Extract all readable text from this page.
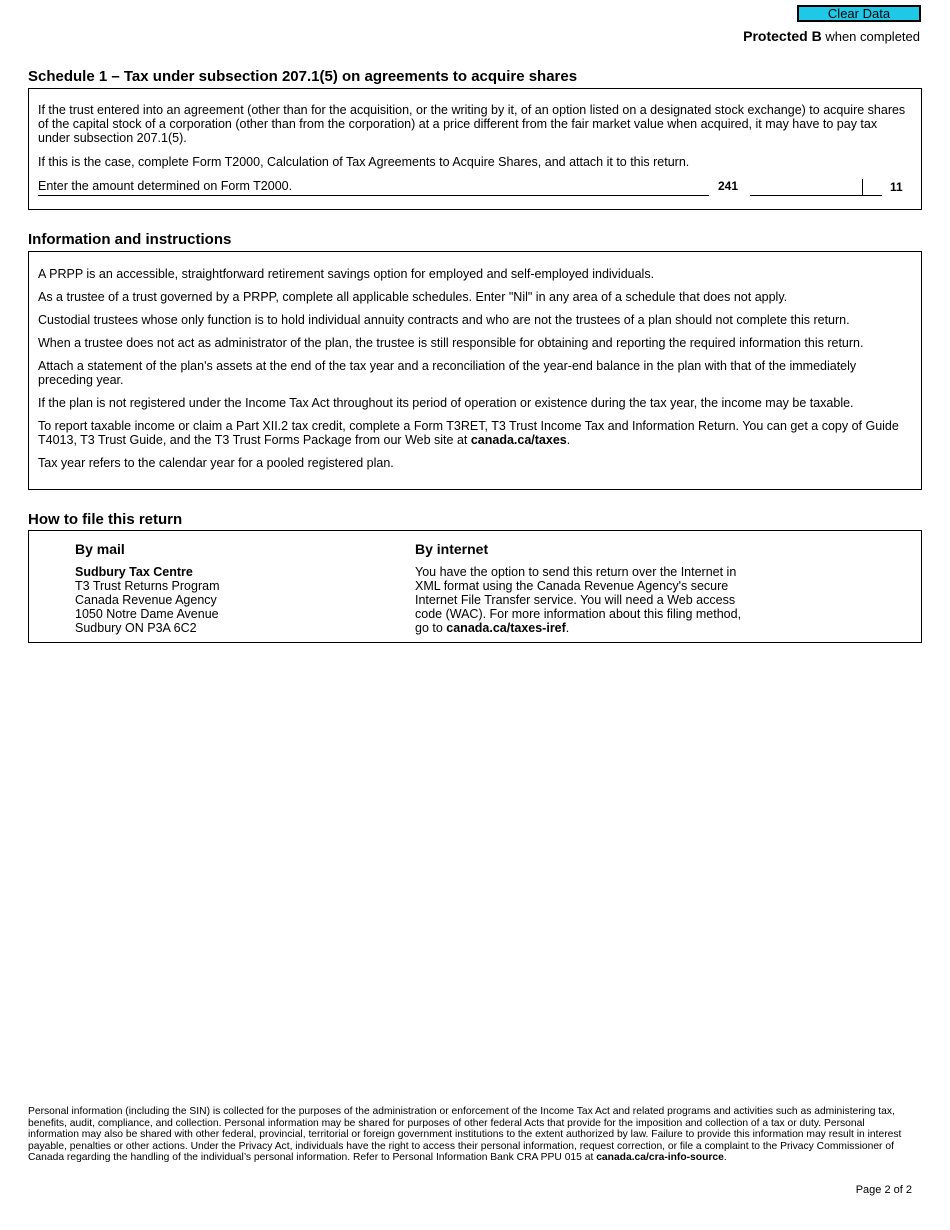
Clear Data
Protected B when completed
Schedule 1 – Tax under subsection 207.1(5) on agreements to acquire shares

If the trust entered into an agreement (other than for the acquisition, or the writing by it, of an option listed on a designated stock exchange) to acquire shares of the capital stock of a corporation (other than from the corporation) at a price different from the fair market value when acquired, it may have to pay tax under subsection 207.1(5).

If this is the case, complete Form T2000, Calculation of Tax Agreements to Acquire Shares, and attach it to this return.

Enter the amount determined on Form T2000.	241	11
Information and instructions

A PRPP is an accessible, straightforward retirement savings option for employed and self-employed individuals.

As a trustee of a trust governed by a PRPP, complete all applicable schedules. Enter "Nil" in any area of a schedule that does not apply.

Custodial trustees whose only function is to hold individual annuity contracts and who are not the trustees of a plan should not complete this return.

When a trustee does not act as administrator of the plan, the trustee is still responsible for obtaining and reporting the required information this return.

Attach a statement of the plan's assets at the end of the tax year and a reconciliation of the year-end balance in the plan with that of the immediately preceding year.

If the plan is not registered under the Income Tax Act throughout its period of operation or existence during the tax year, the income may be taxable.

To report taxable income or claim a Part XII.2 tax credit, complete a Form T3RET, T3 Trust Income Tax and Information Return. You can get a copy of Guide T4013, T3 Trust Guide, and the T3 Trust Forms Package from our Web site at canada.ca/taxes.

Tax year refers to the calendar year for a pooled registered plan.

How to file this return
By mail
Sudbury Tax Centre
T3 Trust Returns Program
Canada Revenue Agency
1050 Notre Dame Avenue
Sudbury ON P3A 6C2
By internet

You have the option to send this return over the Internet in XML format using the Canada Revenue Agency's secure Internet File Transfer service. You will need a Web access code (WAC). For more information about this filing method, go to canada.ca/taxes-iref.

Personal information (including the SIN) is collected for the purposes of the administration or enforcement of the Income Tax Act and related programs and activities such as administering tax, benefits, audit, compliance, and collection. Personal information may be shared for purposes of other federal Acts that provide for the imposition and collection of a tax or duty. Personal information may also be shared with other federal, provincial, territorial or foreign government institutions to the extent authorized by law. Failure to provide this information may result in interest payable, penalties or other actions. Under the Privacy Act, individuals have the right to access their personal information, request correction, or file a complaint to the Privacy Commissioner of Canada regarding the handling of the individual’s personal information. Refer to Personal Information Bank CRA PPU 015 at canada.ca/cra-info-source.

Page 2 of 2
